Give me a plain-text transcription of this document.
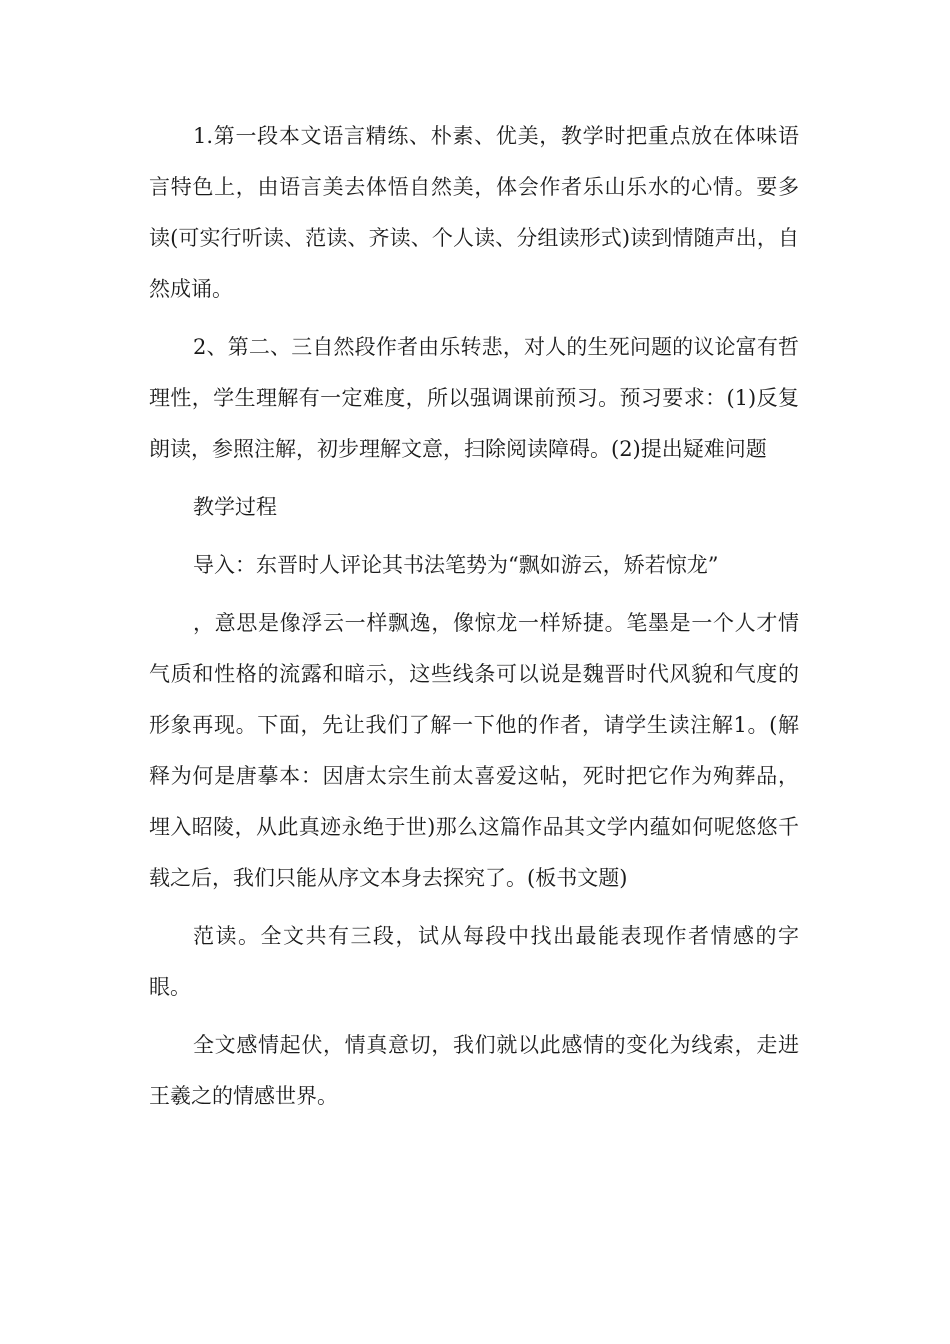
1.第一段本文语言精练、朴素、优美，教学时把重点放在体味语言特色上，由语言美去体悟自然美，体会作者乐山乐水的心情。要多读(可实行听读、范读、齐读、个人读、分组读形式)读到情随声出，自然成诵。

2、第二、三自然段作者由乐转悲，对人的生死问题的议论富有哲理性，学生理解有一定难度，所以强调课前预习。预习要求：(1)反复朗读，参照注解，初步理解文意，扫除阅读障碍。(2)提出疑难问题

教学过程

导入：东晋时人评论其书法笔势为“飘如游云，矫若惊龙”

，意思是像浮云一样飘逸，像惊龙一样矫捷。笔墨是一个人才情气质和性格的流露和暗示，这些线条可以说是魏晋时代风貌和气度的形象再现。下面，先让我们了解一下他的作者，请学生读注解1。(解释为何是唐摹本：因唐太宗生前太喜爱这帖，死时把它作为殉葬品，埋入昭陵，从此真迹永绝于世)那么这篇作品其文学内蕴如何呢悠悠千载之后，我们只能从序文本身去探究了。(板书文题)

范读。全文共有三段，试从每段中找出最能表现作者情感的字眼。

全文感情起伏，情真意切，我们就以此感情的变化为线索，走进王羲之的情感世界。
